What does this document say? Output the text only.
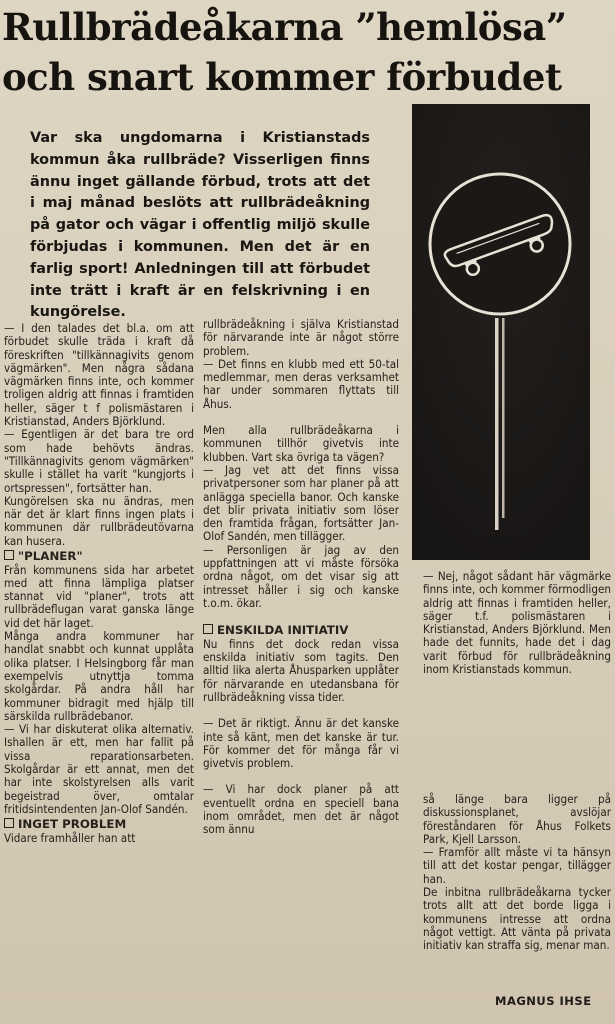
Rullbrädeåkarna ”hemlösa”
och snart kommer förbudet
Var ska ungdomarna i Kristianstads kommun åka rullbräde? Visserligen finns ännu inget gällande förbud, trots att det i maj månad beslöts att rullbrädeåkning på gator och vägar i offentlig miljö skulle förbjudas i kommunen. Men det är en farlig sport! Anledningen till att förbudet inte trätt i kraft är en felskrivning i en kungörelse.

— I den talades det bl.a. om att förbudet skulle träda i kraft då föreskriften "tillkännagivits genom vägmärken". Men några sådana vägmärken finns inte, och kommer troligen aldrig att finnas i framtiden heller, säger t f polismästaren i Kristianstad, Anders Björklund.

— Egentligen är det bara tre ord som hade behövts ändras. "Tillkännagivits genom vägmärken" skulle i stället ha varit "kungjorts i ortspressen", fortsätter han.

Kungörelsen ska nu ändras, men när det är klart finns ingen plats i kommunen där rullbrädeutövarna kan husera.

"PLANER"

Från kommunens sida har arbetet med att finna lämpliga platser stannat vid "planer", trots att rullbrädeflugan varat ganska länge vid det här laget.

Många andra kommuner har handlat snabbt och kunnat upplåta olika platser. I Helsingborg får man exempelvis utnyttja tomma skolgårdar. På andra håll har kommuner bidragit med hjälp till särskilda rullbrädebanor.

— Vi har diskuterat olika alternativ. Ishallen är ett, men har fallit på vissa reparationsarbeten. Skolgårdar är ett annat, men det har inte skolstyrelsen alls varit begeistrad över, omtalar fritidsintendenten Jan-Olof Sandén.

INGET PROBLEM

Vidare framhåller han att

rullbrädeåkning i själva Kristianstad för närvarande inte är något större problem.

— Det finns en klubb med ett 50-tal medlemmar, men deras verksamhet har under sommaren flyttats till Åhus.

Men alla rullbrädeåkarna i kommunen tillhör givetvis inte klubben. Vart ska övriga ta vägen?

— Jag vet att det finns vissa privatpersoner som har planer på att anlägga speciella banor. Och kanske det blir privata initiativ som löser den framtida frågan, fortsätter Jan-Olof Sandén, men tillägger.

— Personligen är jag av den uppfattningen att vi måste försöka ordna något, om det visar sig att intresset håller i sig och kanske t.o.m. ökar.

ENSKILDA INITIATIV

Nu finns det dock redan vissa enskilda initiativ som tagits. Den alltid lika alerta Åhusparken upplåter för närvarande en utedansbana för rullbrädeåkning vissa tider.

— Det är riktigt. Ännu är det kanske inte så känt, men det kanske är tur. För kommer det för många får vi givetvis problem.

— Vi har dock planer på att eventuellt ordna en speciell bana inom området, men det är något som ännu

— Nej, något sådant här vägmärke finns inte, och kommer förmodligen aldrig att finnas i framtiden heller, säger t.f. polismästaren i Kristianstad, Anders Björklund. Men hade det funnits, hade det i dag varit förbud för rullbrädeåkning inom Kristianstads kommun.

så länge bara ligger på diskussionsplanet, avslöjar föreståndaren för Åhus Folkets Park, Kjell Larsson.

— Framför allt måste vi ta hänsyn till att det kostar pengar, tillägger han.

De inbitna rullbrädeåkarna tycker trots allt att det borde ligga i kommunens intresse att ordna något vettigt. Att vänta på privata initiativ kan straffa sig, menar man.

MAGNUS IHSE
